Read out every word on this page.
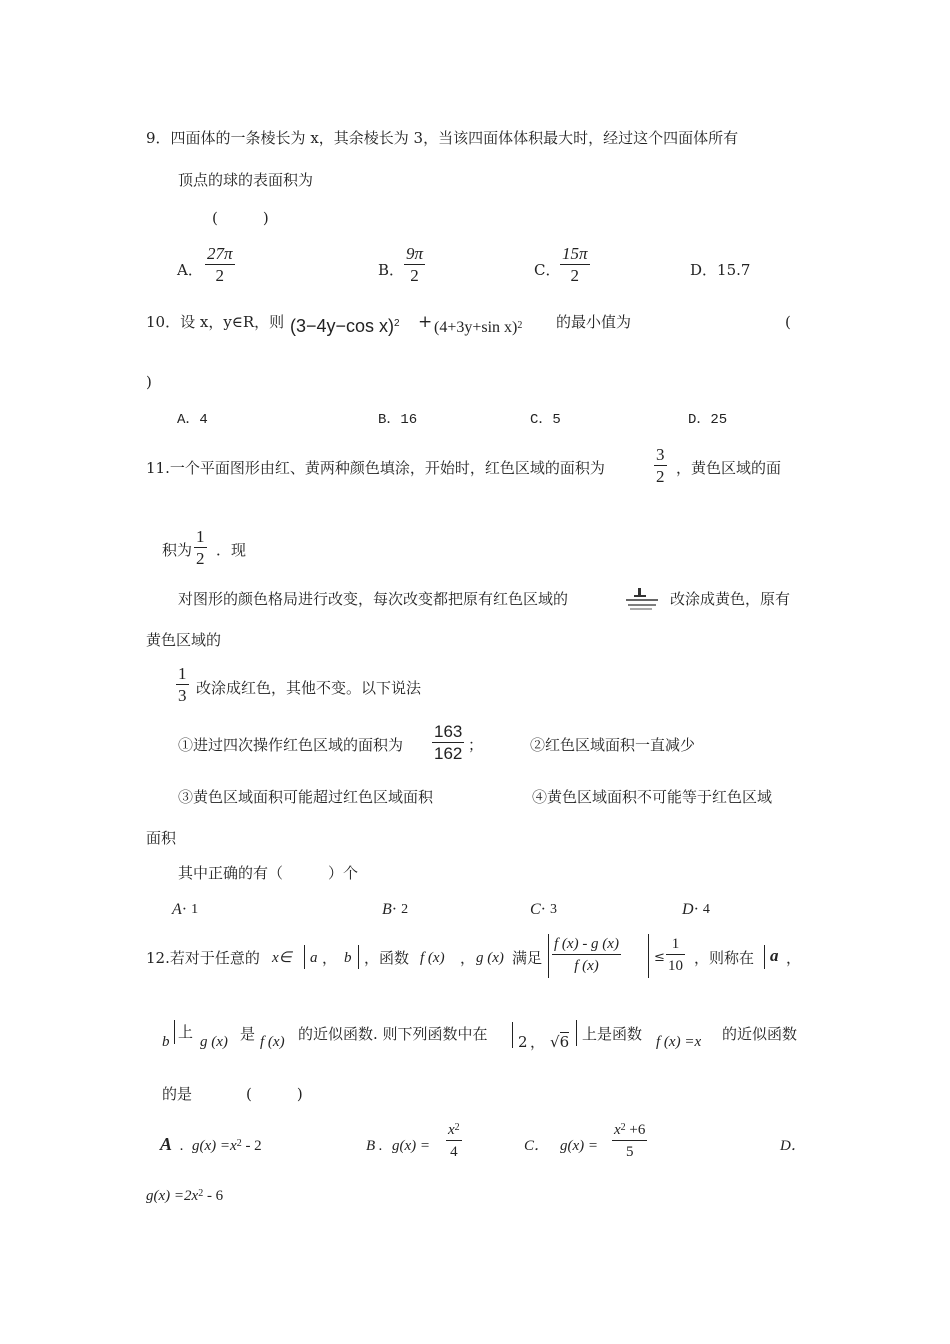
9．四面体的一条棱长为 x，其余棱长为 3，当该四面体体积最大时，经过这个四面体所有
顶点的球的表面积为
(　　　)
A． $\frac{27\pi}{2}$	B． $\frac{9\pi}{2}$	C． $\frac{15\pi}{2}$	D．15.7
10．设 x，y∈R，则 (3−4y−cos x)$^2$ + (4+3y+sin x)$^2$ 的最小值为	(
)
A．4	B．16	C．5	D．25
11.一个平面图形由红、黄两种颜色填涂，开始时，红色区域的面积为	$\frac{3}{2}$ ，黄色区域的面
积为 $\frac{1}{2}$ ．现
对图形的颜色格局进行改变，每次改变都把原有红色区域的	改涂成黄色，原有
黄色区域的
$\frac{1}{3}$ 改涂成红色，其他不变。以下说法
①进过四次操作红色区域的面积为 $\frac{163}{162}$ ；	②红色区域面积一直减少
③黄色区域面积可能超过红色区域面积	④黄色区域面积不可能等于红色区域
面积
其中正确的有（　　　）个
A· 1	B· 2	C· 3	D· 4
12.若对于任意的 x∈ a ， b ，函数 f (x) ， g (x) 满足 $\frac{f (x) - g (x)}{f (x)}$	≤ $\frac{1}{10}$ ，则称在 a ，
b
上
g (x) 是 f (x) 的近似函数. 则下列函数中在 2 ， √6 上是函数 f (x) =x 的近似函数
的是	(　　　)
A . $g(x) =x^2 - 2$	B . $g(x) = \frac{x^2}{4}$	C． $g(x) = \frac{x^2 +6}{5}$	D．
$g(x) =2x^2 - 6$
